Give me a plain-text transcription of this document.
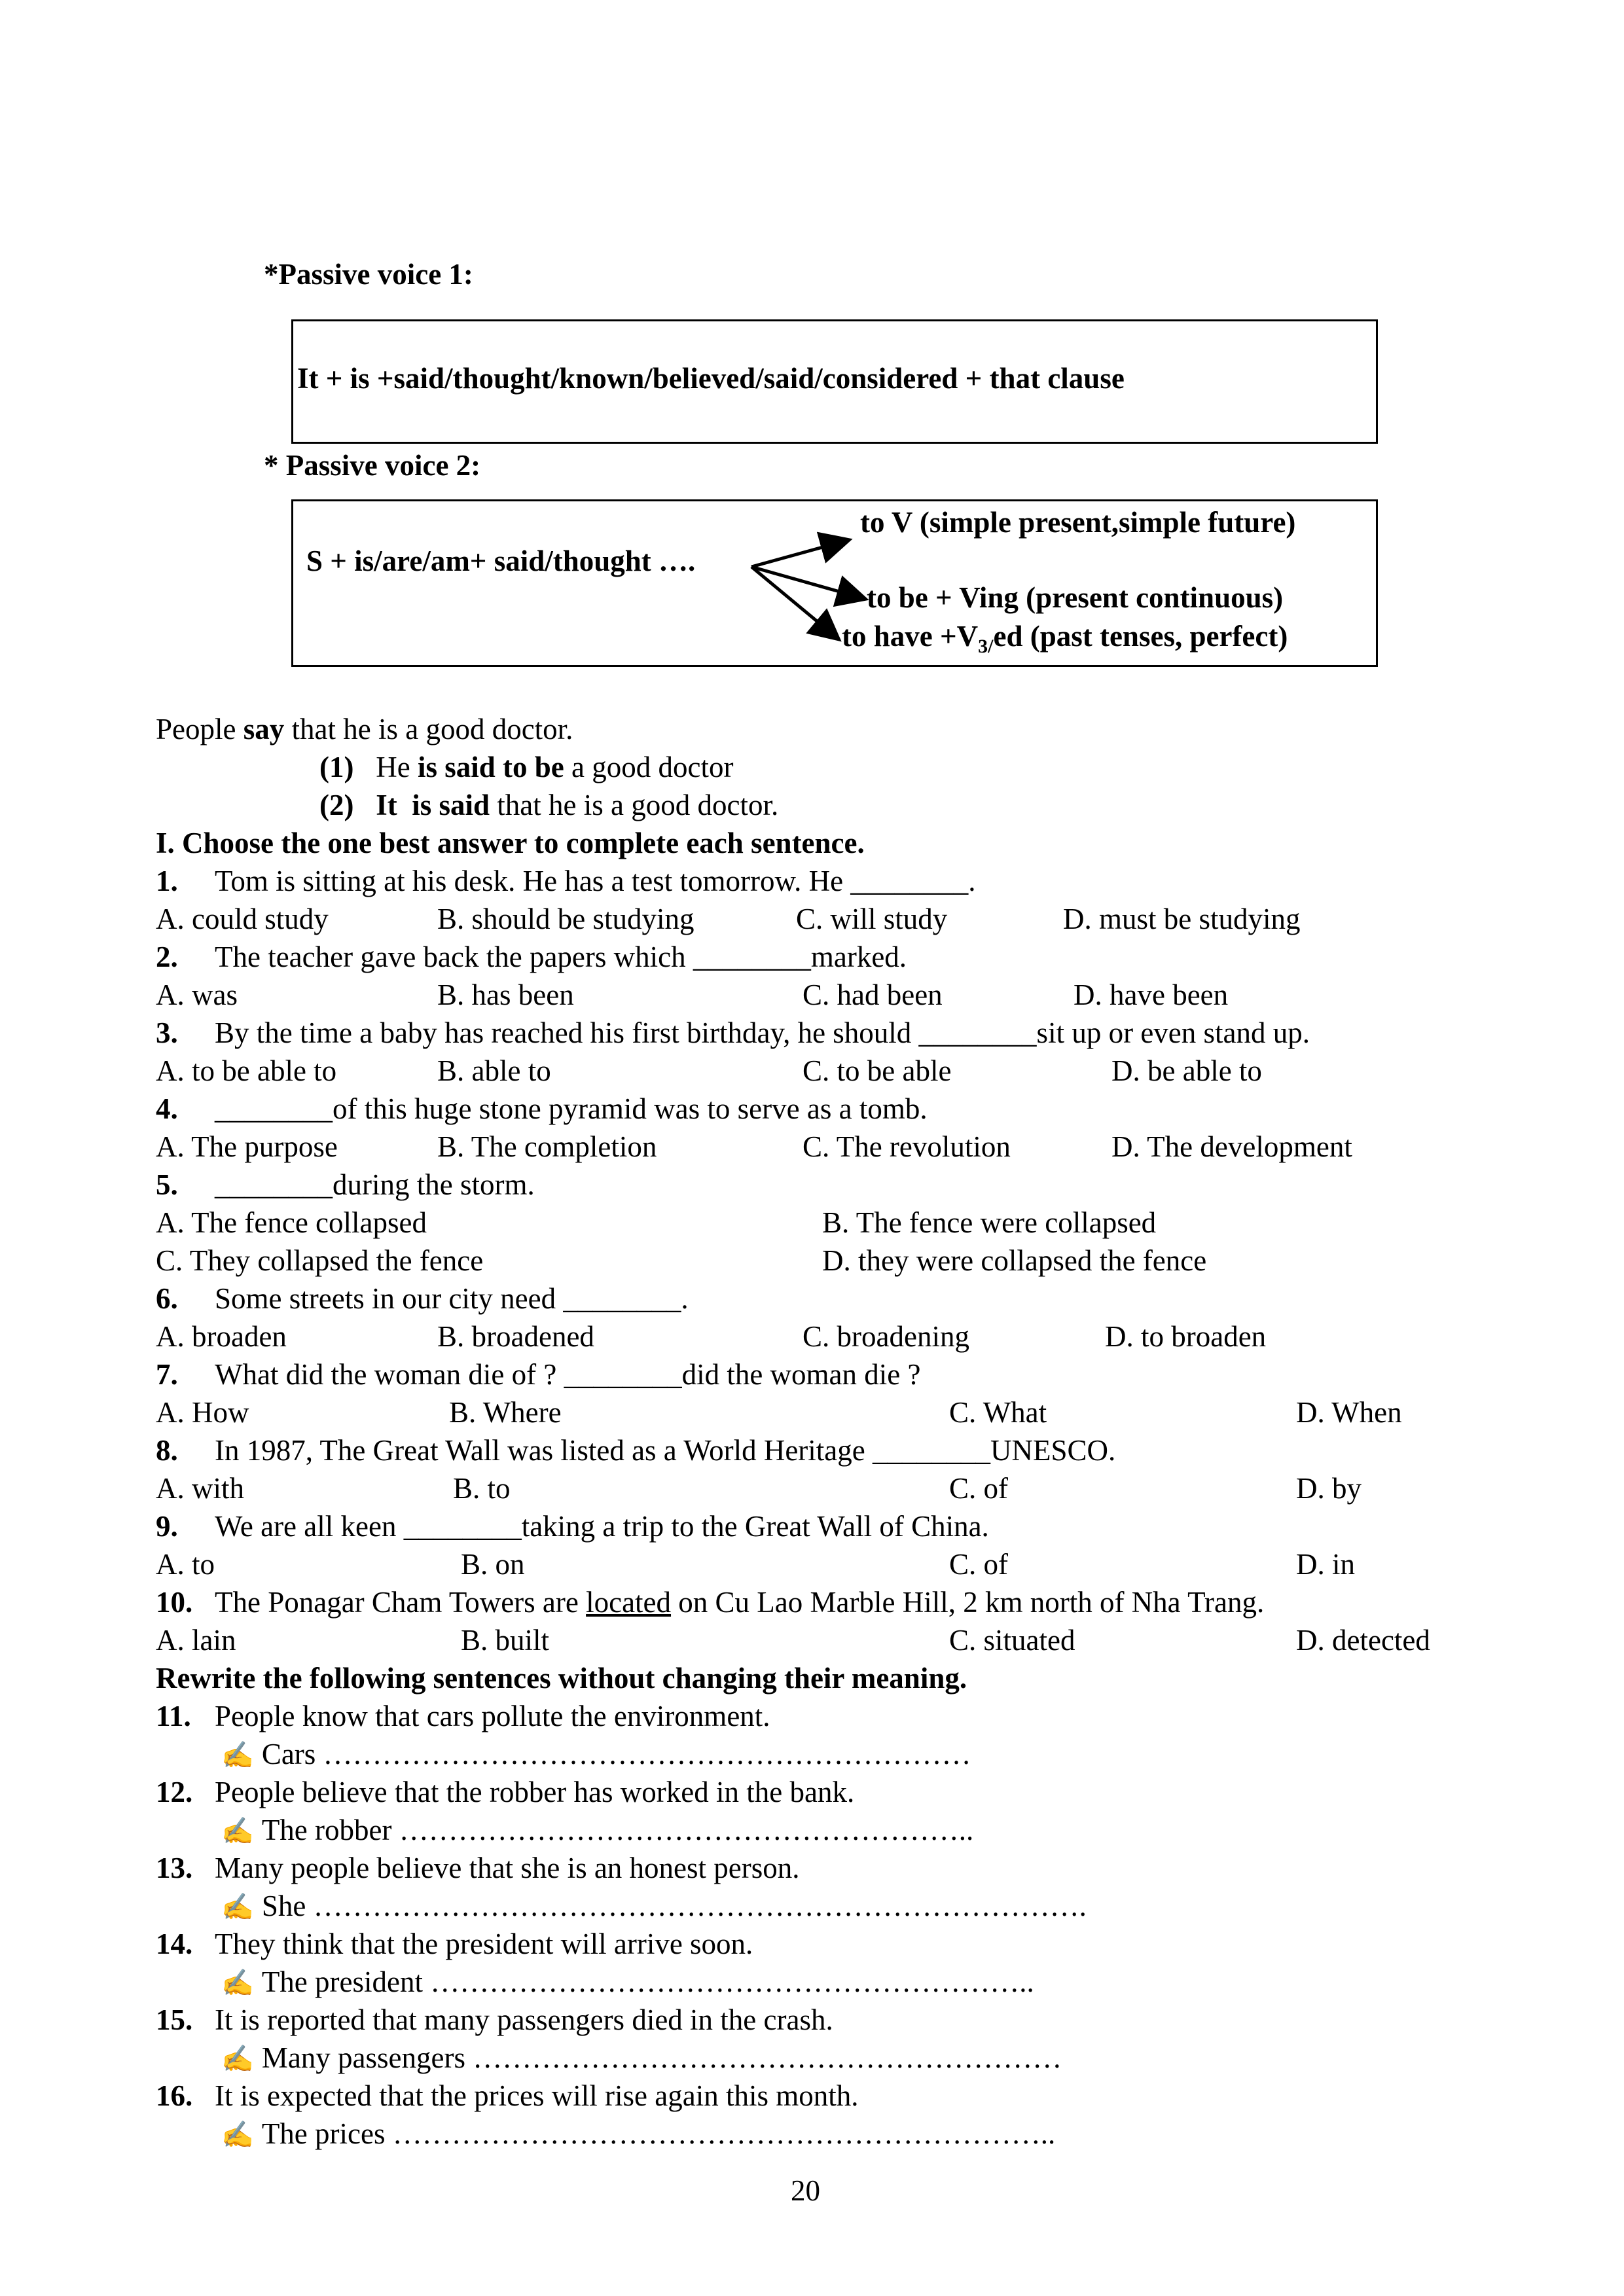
*Passive voice 1:
It + is +said/thought/known/believed/said/considered + that clause
* Passive voice 2:
S + is/are/am+ said/thought ….
to V (simple present,simple future)
to be + Ving (present continuous)
to have $+V_{3/}ed$ (past tenses, perfect)
People say that he is a good doctor.
(1) He is said to be a good doctor
(2) It is said that he is a good doctor.
I. Choose the one best answer to complete each sentence.
1. Tom is sitting at his desk. He has a test tomorrow. He ________.
A. could study	B. should be studying	C. will study	D. must be studying
2. The teacher gave back the papers which ________marked.
A. was	B. has been	C. had been	D. have been
3. By the time a baby has reached his first birthday, he should ________sit up or even stand up.
A. to be able to	B. able to	C. to be able	D. be able to
4. ________of this huge stone pyramid was to serve as a tomb.
A. The purpose	B. The completion	C. The revolution	D. The development
5. ________during the storm.
A. The fence collapsed	B. The fence were collapsed
C. They collapsed the fence	D. they were collapsed the fence
6. Some streets in our city need ________.
A. broaden	B. broadened	C. broadening	D. to broaden
7. What did the woman die of ? ________did the woman die ?
A. How	B. Where	C. What	D. When
8. In 1987, The Great Wall was listed as a World Heritage ________UNESCO.
A. with	B. to	C. of	D. by
9. We are all keen ________taking a trip to the Great Wall of China.
A. to	B. on	C. of	D. in
10. The Ponagar Cham Towers are located on Cu Lao Marble Hill, 2 km north of Nha Trang.
A. lain	B. built	C. situated	D. detected
Rewrite the following sentences without changing their meaning.
11. People know that cars pollute the environment.
✍ Cars …………………………………………………………
12. People believe that the robber has worked in the bank.
✍ The robber …………………………………………………..
13. Many people believe that she is an honest person.
✍ She …………………………………………………………………….
14. They think that the president will arrive soon.
✍ The president ……………………………………………………..
15. It is reported that many passengers died in the crash.
✍ Many passengers ……………………………………………………
16. It is expected that the prices will rise again this month.
✍ The prices …………………………………………………………..
20
